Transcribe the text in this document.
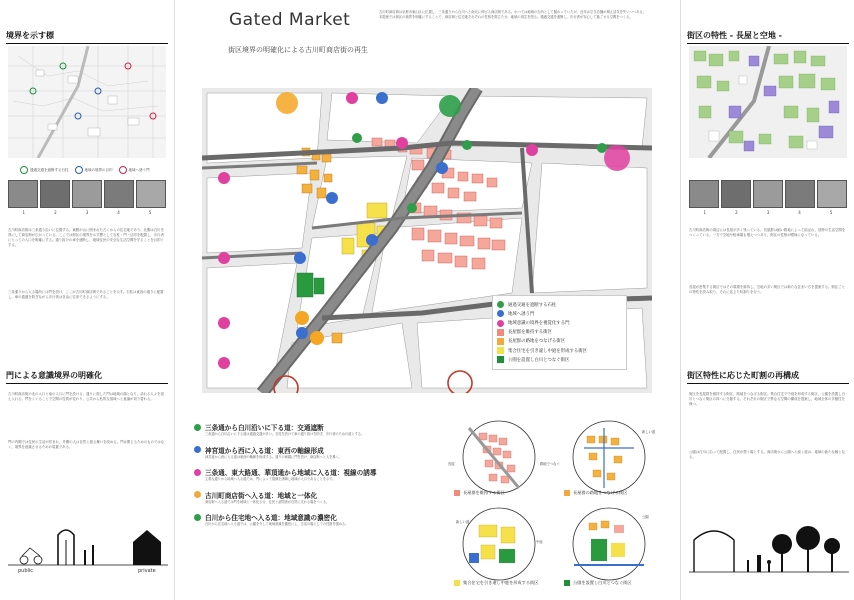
境界を示す標
通過交通を遮断する石柱	地域の境界の目印	地域へ誘う門
1	2	3	4	5
古川町商店街は三条通り沿いに位置する。東側が山に囲まれた古くからの住宅地であり、北側は白川を背にして商店街が広がっている。ここでは街区の境界を示す標として石柱・門・目印を配置し、歩行者にとっての入口を明確にする。通り抜けの車を遮断し、地域住民の安全な生活空間を守ることを目的とする。
三条通りから入る場所には門を設け、ここが古川町商店街であることを示す。石柱は東西の通りに配置し、車の通過を防ぎながら歩行者は自由に往来できるようにする。
門による意識境界の明確化
古川町商店街の北の入口と南の入口に門を設ける。通りに面した門は地域の顔となり、訪れる人々を迎え入れる。門をくぐることで空間の性質が変わり、公共から私的な領域へと意識が切り替わる。
門の内側では住民の生活が営まれ、外側の人は自然と振る舞いを改める。門は閉じるためのものではなく、境界を意識させるための装置である。
public	private
Gated Market
街区境界の明確化による古川町商店街の再生
古川町商店街は京都市東山区に位置し、三条通りから白川へと南北に伸びる商店街である。かつては地域の台所として賑わっていたが、近年は空き店舗が増え活気を失いつつある。本提案では街区の境界を明確にすることで、商店街と住宅地それぞれの性格を際立たせ、地域の再生を図る。通過交通を遮断し、歩行者が安心して過ごせる空間をつくる。
通過交通を遮断する石柱
地域へ誘う門
地域意識の境界を視覚化する門
長屋群を維持する街区
長屋群の路地をつなげる街区
集合住宅を引き違し中庭を形成する街区
公園を設置し白川とつなぐ街区
三条通から白川沿いに下る道：交通遮断
三条通から白川沿いに下る道は通過交通が多い。石柱を設けて車の通り抜けを防ぎ、歩行者のための道とする。
神宮道から西に入る道：東西の軸線形成
神宮道から西に入る道は東西の軸線を形成する。通りの両端に門を設け、商店街へと人を導く。
三条通、東大路通、華頂通から地域に入る道：視線の誘導
主要な通りから地域へ入る道では、門によって視線を誘導し地域の入口であることを示す。
古川町商店街へ入る道：地域と一体化
商店街へ入る道では門を地域と一体化させ、住民と訪問者が自然に交わる場をつくる。
白川から住宅地へ入る道：地域意識の濃密化
白川から住宅地へ入る道では、公園を介して地域意識を濃密にし、生活の場としての性格を強める。
長屋
長屋群を維持する街区
新しい道
路地でつなぐ
長屋群の路地をつなげる街区
新しい道
中庭
集合住宅を引き違し中庭を形成する街区
公園
公園を設置し白川とつなぐ街区
街区の特性 - 長屋と空地 -
1	2	3	4	5
古川町商店街の周辺には長屋が多く残っている。長屋群は細い路地によって結ばれ、独特の生活空間をつくっている。一方で空地や駐車場も増えつつあり、街区の性格が曖昧になっている。
長屋が密集する街区ではその環境を維持し、空地の多い街区では新たな住まい方を提案する。街区ごとの特性を読み取り、それに応じた町割りを行う。
街区特性に応じた町割の再構成
街区を長屋群を維持する街区、路地をつなげる街区、集合住宅で中庭を形成する街区、公園を設置し白川とつなぐ街区の四つに分類する。それぞれの街区で異なる空間の構成を提案し、地域全体の多様性を保つ。
公園は白川に沿って配置し、住民が憩う場とする。商店街から公園へと続く道は、地域の新たな軸となる。
